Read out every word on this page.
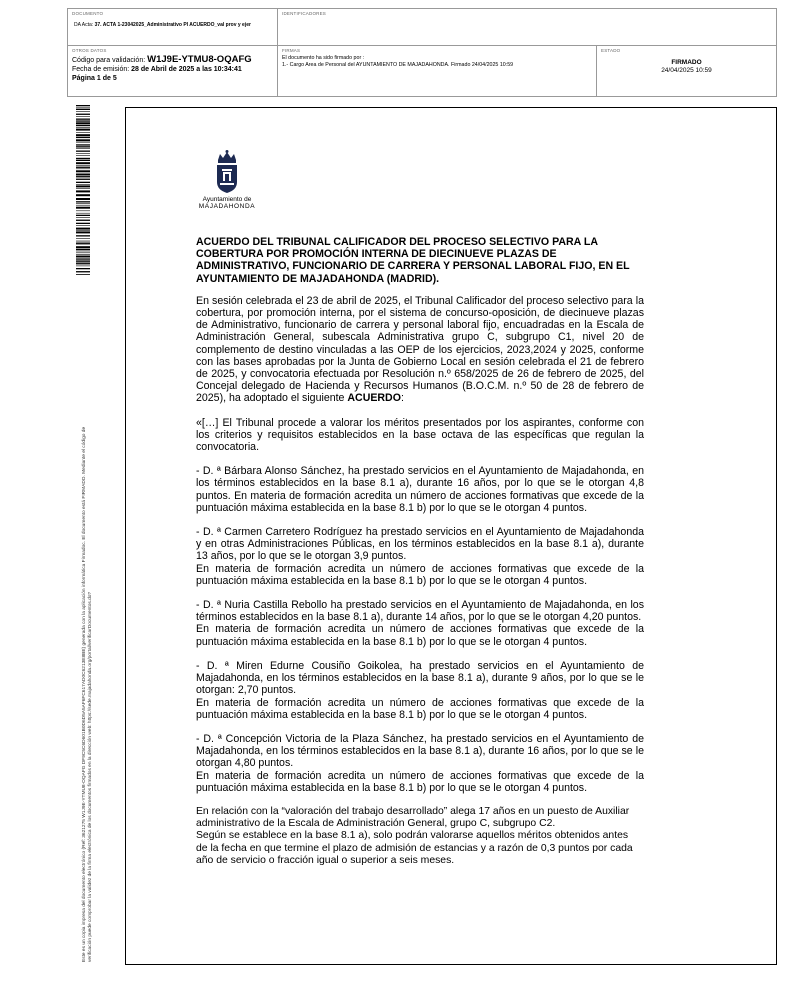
DOCUMENTO
DA Acta: 37. ACTA 1-23042025_Administrativo PI ACUERDO_val prov y ejer
IDENTIFICADORES
OTROS DATOS
Código para validación: W1J9E-YTMU8-OQAFG
Fecha de emisión: 28 de Abril de 2025 a las 10:34:41
Página 1 de 5
FIRMAS
El documento ha sido firmado por :
1.- Cargo Area de Personal del AYUNTAMIENTO DE MAJADAHONDA. Firmado 24/04/2025 10:59
ESTADO
FIRMADO
24/04/2025 10:59
Este es un copia impresa del documento electrónico (Ref: 3621275 W1J9E-YTMU8-OQAFG DF9C5C6D601B0D6D5A5AF6FC617AD0C6213E8BE) generada con la aplicación informática Firmadoc. El documento está FIRMADO. Mediante el código de verificación puede comprobar la validez de la firma electrónica de los documentos firmados en la dirección web: https://sede.majadahonda.org/portal/verificarDocumentos.do?
Ayuntamiento de
MAJADAHONDA
ACUERDO DEL TRIBUNAL CALIFICADOR DEL PROCESO SELECTIVO PARA LA
COBERTURA POR PROMOCIÓN INTERNA DE DIECINUEVE PLAZAS DE
ADMINISTRATIVO, FUNCIONARIO DE CARRERA Y PERSONAL LABORAL FIJO, EN EL
AYUNTAMIENTO DE MAJADAHONDA (MADRID).

En sesión celebrada el 23 de abril de 2025, el Tribunal Calificador del proceso selectivo para la cobertura, por promoción interna, por el sistema de concurso-oposición, de diecinueve plazas de Administrativo, funcionario de carrera y personal laboral fijo, encuadradas en la Escala de Administración General, subescala Administrativa grupo C, subgrupo C1, nivel 20 de complemento de destino vinculadas a las OEP de los ejercicios, 2023,2024 y 2025, conforme con las bases aprobadas por la Junta de Gobierno Local en sesión celebrada el 21 de febrero de 2025, y convocatoria efectuada por Resolución n.º 658/2025 de 26 de febrero de 2025, del Concejal delegado de Hacienda y Recursos Humanos (B.O.C.M. n.º 50 de 28 de febrero de 2025), ha adoptado el siguiente ACUERDO:

«[…] El Tribunal procede a valorar los méritos presentados por los aspirantes, conforme con los criterios y requisitos establecidos en la base octava de las específicas que regulan la convocatoria.

- D. ª Bárbara Alonso Sánchez, ha prestado servicios en el Ayuntamiento de Majadahonda, en los términos establecidos en la base 8.1 a), durante 16 años, por lo que se le otorgan 4,8 puntos. En materia de formación acredita un número de acciones formativas que excede de la puntuación máxima establecida en la base 8.1 b) por lo que se le otorgan 4 puntos.

- D. ª Carmen Carretero Rodríguez ha prestado servicios en el Ayuntamiento de Majadahonda y en otras Administraciones Públicas, en los términos establecidos en la base 8.1 a), durante 13 años, por lo que se le otorgan 3,9 puntos.
En materia de formación acredita un número de acciones formativas que excede de la puntuación máxima establecida en la base 8.1 b) por lo que se le otorgan 4 puntos.

- D. ª Nuria Castilla Rebollo ha prestado servicios en el Ayuntamiento de Majadahonda, en los términos establecidos en la base 8.1 a), durante 14 años, por lo que se le otorgan 4,20 puntos.
En materia de formación acredita un número de acciones formativas que excede de la puntuación máxima establecida en la base 8.1 b) por lo que se le otorgan 4 puntos.

- D. ª Miren Edurne Cousiño Goikolea, ha prestado servicios en el Ayuntamiento de Majadahonda, en los términos establecidos en la base 8.1 a), durante 9 años, por lo que se le otorgan: 2,70 puntos.
En materia de formación acredita un número de acciones formativas que excede de la puntuación máxima establecida en la base 8.1 b) por lo que se le otorgan 4 puntos.

- D. ª Concepción Victoria de la Plaza Sánchez, ha prestado servicios en el Ayuntamiento de Majadahonda, en los términos establecidos en la base 8.1 a), durante 16 años, por lo que se le otorgan 4,80 puntos.
En materia de formación acredita un número de acciones formativas que excede de la puntuación máxima establecida en la base 8.1 b) por lo que se le otorgan 4 puntos.

En relación con la “valoración del trabajo desarrollado” alega 17 años en un puesto de Auxiliar
administrativo de la Escala de Administración General, grupo C, subgrupo C2.
Según se establece en la base 8.1 a), solo podrán valorarse aquellos méritos obtenidos antes
de la fecha en que termine el plazo de admisión de estancias y a razón de 0,3 puntos por cada
año de servicio o fracción igual o superior a seis meses.
